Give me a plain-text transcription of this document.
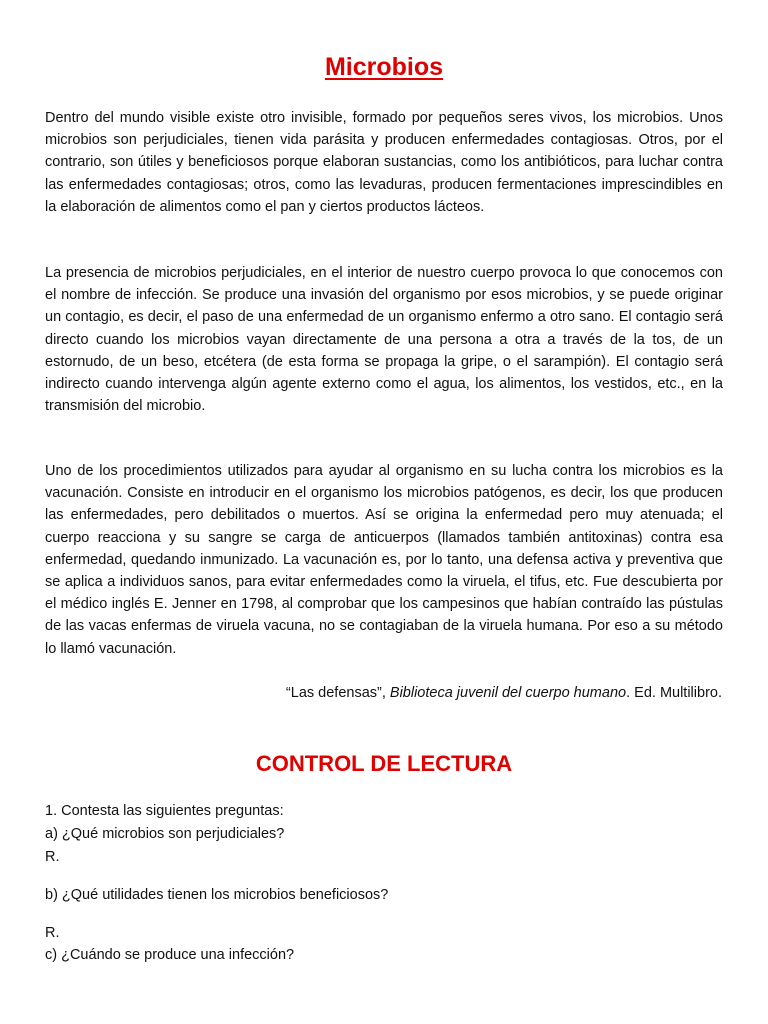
Microbios

Dentro del mundo visible existe otro invisible, formado por pequeños seres vivos, los microbios. Unos microbios son perjudiciales, tienen vida parásita y producen enfermedades contagiosas. Otros, por el contrario, son útiles y beneficiosos porque elaboran sustancias, como los antibióticos, para luchar contra las enfermedades contagiosas; otros, como las levaduras, producen fermentaciones imprescindibles en la elaboración de alimentos como el pan y ciertos productos lácteos.

La presencia de microbios perjudiciales, en el interior de nuestro cuerpo provoca lo que conocemos con el nombre de infección. Se produce una invasión del organismo por esos microbios, y se puede originar un contagio, es decir, el paso de una enfermedad de un organismo enfermo a otro sano. El contagio será directo cuando los microbios vayan directamente de una persona a otra a través de la tos, de un estornudo, de un beso, etcétera (de esta forma se propaga la gripe, o el sarampión). El contagio será indirecto cuando intervenga algún agente externo como el agua, los alimentos, los vestidos, etc., en la transmisión del microbio.

Uno de los procedimientos utilizados para ayudar al organismo en su lucha contra los microbios es la vacunación. Consiste en introducir en el organismo los microbios patógenos, es decir, los que producen las enfermedades, pero debilitados o muertos. Así se origina la enfermedad pero muy atenuada; el cuerpo reacciona y su sangre se carga de anticuerpos (llamados también antitoxinas) contra esa enfermedad, quedando inmunizado. La vacunación es, por lo tanto, una defensa activa y preventiva que se aplica a individuos sanos, para evitar enfermedades como la viruela, el tifus, etc. Fue descubierta por el médico inglés E. Jenner en 1798, al comprobar que los campesinos que habían contraído las pústulas de las vacas enfermas de viruela vacuna, no se contagiaban de la viruela humana. Por eso a su método lo llamó vacunación.

“Las defensas”, Biblioteca juvenil del cuerpo humano. Ed. Multilibro.
CONTROL DE LECTURA
1. Contesta las siguientes preguntas:
a) ¿Qué microbios son perjudiciales?
R.
b) ¿Qué utilidades tienen los microbios beneficiosos?
R.
c) ¿Cuándo se produce una infección?
